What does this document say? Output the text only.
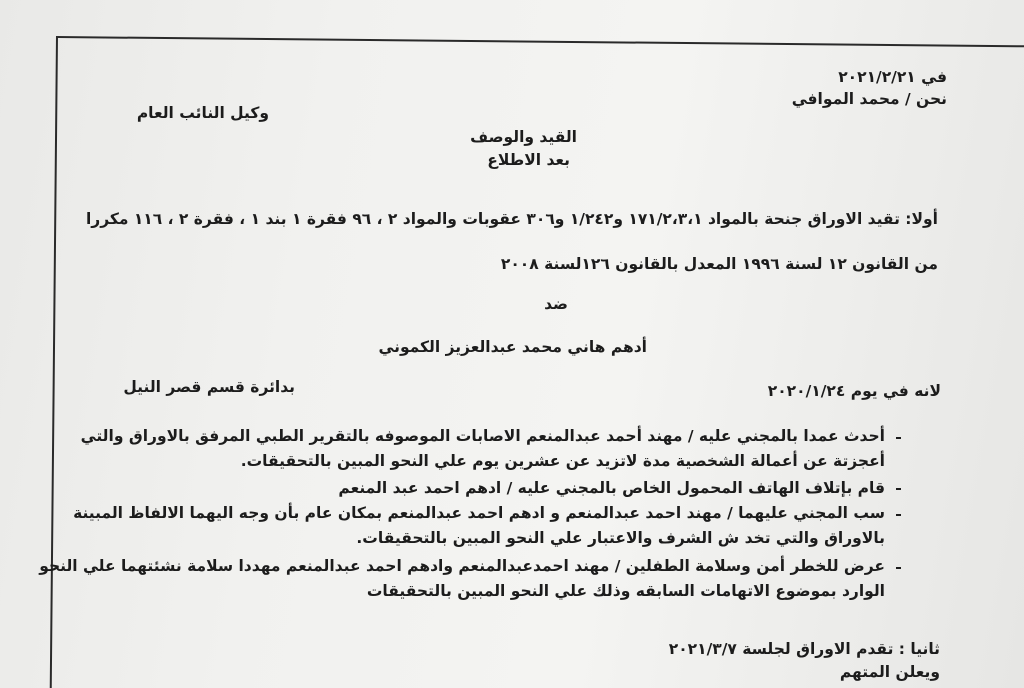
في ٢٠٢١/٢/٢١
نحن / محمد الموافي
وكيل النائب العام
القيد والوصف
بعد الاطلاع
أولا: تقيد الاوراق جنحة بالمواد ١٧١/٢،٣،١ و١/٢٤٢ و٣٠٦ عقوبات والمواد ٢ ، ٩٦ فقرة ١ بند ١ ، فقرة ٢ ، ١١٦ مكررا
من القانون ١٢ لسنة ١٩٩٦ المعدل بالقانون ١٢٦لسنة ٢٠٠٨
ضد
أدهم هاني محمد عبدالعزيز الكموني
لانه في يوم ٢٠٢٠/١/٢٤
بدائرة قسم قصر النيل
أحدث عمدا بالمجني عليه / مهند أحمد عبدالمنعم الاصابات الموصوفه بالتقرير الطبي المرفق بالاوراق والتي
أعجزتة عن أعمالة الشخصية مدة لاتزيد عن عشرين يوم علي النحو المبين بالتحقيقات.
قام بإتلاف الهاتف المحمول الخاص بالمجني عليه / ادهم احمد عبد المنعم
سب المجني عليهما / مهند احمد عبدالمنعم و ادهم احمد عبدالمنعم بمكان عام بأن وجه اليهما الالفاظ المبينة
بالاوراق والتي تخد ش الشرف والاعتبار علي النحو المبين بالتحقيقات.
عرض للخطر أمن وسلامة الطفلين / مهند احمدعبدالمنعم وادهم احمد عبدالمنعم مهددا سلامة نشئتهما علي النحو
الوارد بموضوع الاتهامات السابقه وذلك علي النحو المبين بالتحقيقات
ثانيا : تقدم الاوراق لجلسة ٢٠٢١/٣/٧
ويعلن المتهم
